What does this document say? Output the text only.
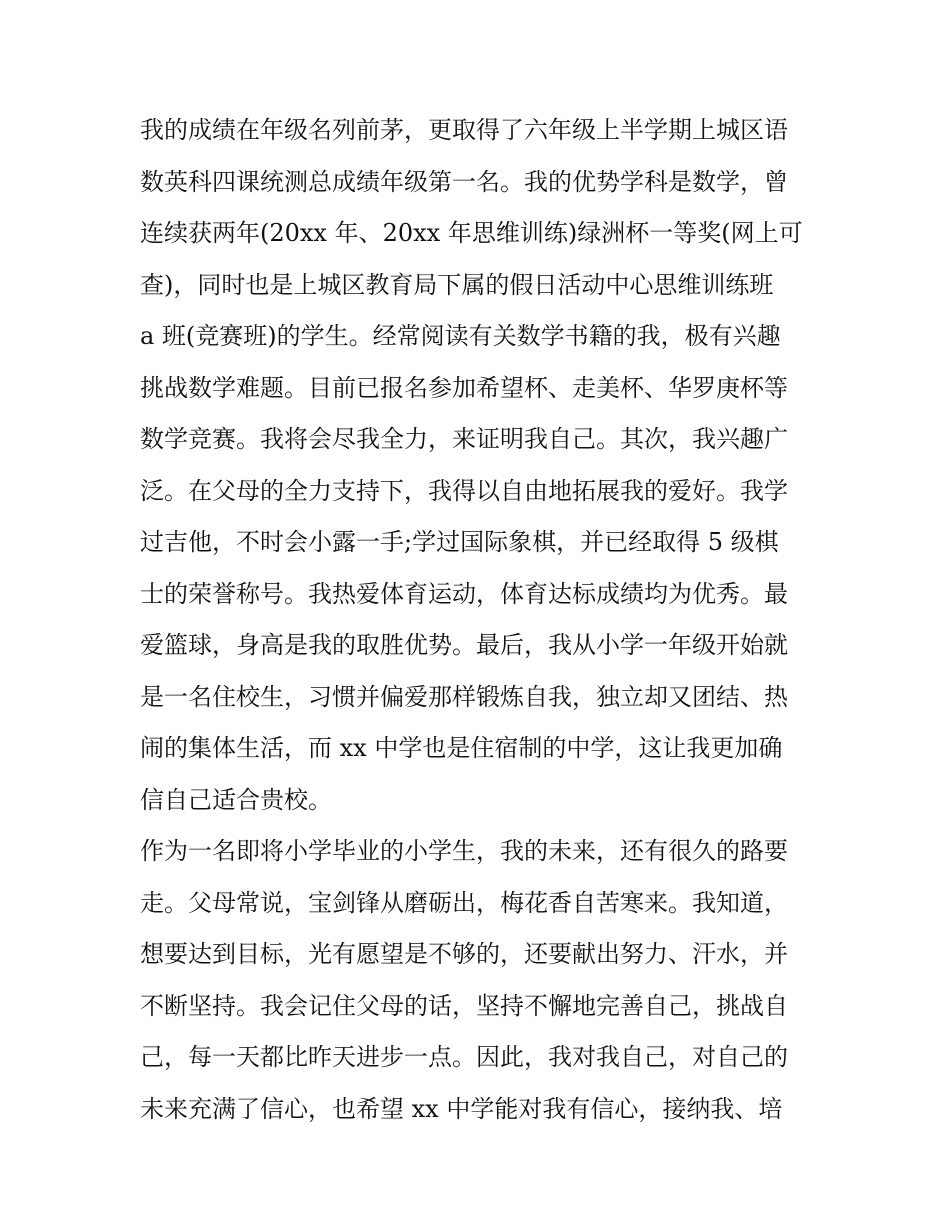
我的成绩在年级名列前茅，更取得了六年级上半学期上城区语
数英科四课统测总成绩年级第一名。我的优势学科是数学，曾
连续获两年(20xx 年、20xx 年思维训练)绿洲杯一等奖(网上可
查)，同时也是上城区教育局下属的假日活动中心思维训练班
a 班(竞赛班)的学生。经常阅读有关数学书籍的我，极有兴趣
挑战数学难题。目前已报名参加希望杯、走美杯、华罗庚杯等
数学竞赛。我将会尽我全力，来证明我自己。其次，我兴趣广
泛。在父母的全力支持下，我得以自由地拓展我的爱好。我学
过吉他，不时会小露一手;学过国际象棋，并已经取得 5 级棋
士的荣誉称号。我热爱体育运动，体育达标成绩均为优秀。最
爱篮球，身高是我的取胜优势。最后，我从小学一年级开始就
是一名住校生，习惯并偏爱那样锻炼自我，独立却又团结、热
闹的集体生活，而 xx 中学也是住宿制的中学，这让我更加确
信自己适合贵校。
作为一名即将小学毕业的小学生，我的未来，还有很久的路要
走。父母常说，宝剑锋从磨砺出，梅花香自苦寒来。我知道，
想要达到目标，光有愿望是不够的，还要献出努力、汗水，并
不断坚持。我会记住父母的话，坚持不懈地完善自己，挑战自
己，每一天都比昨天进步一点。因此，我对我自己，对自己的
未来充满了信心，也希望 xx 中学能对我有信心，接纳我、培
